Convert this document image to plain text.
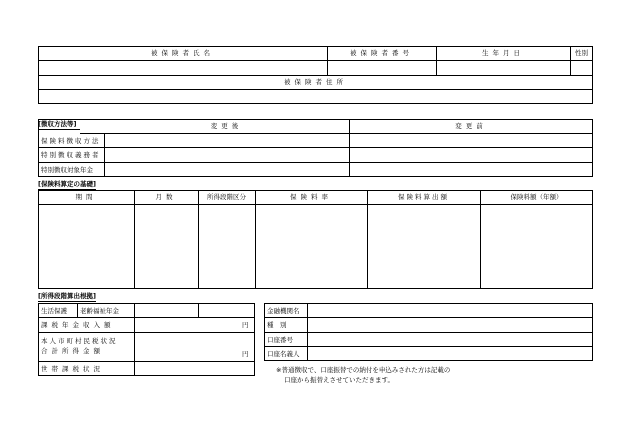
被保険者氏名	被保険者番号	生年月日	性別
被保険者住所
[徴収方法等]	変更後	変更前
保険料徴収方法
特別徴収義務者
特別徴収対象年金
[保険料算定の基礎]
期間	月数	所得段階区分	保険料率	保険料算出額	保険料額（年額）
[所得段階算出根拠]
生活保護 老齢福祉年金
課税年金収入額	円
本人市町村民税状況
合計所得金額	円
世帯課税状況
金融機関名
種　別
口座番号
口座名義人
※普通徴収で、口座振替での納付を申込みされた方は記載の
口座から振替えさせていただきます。
